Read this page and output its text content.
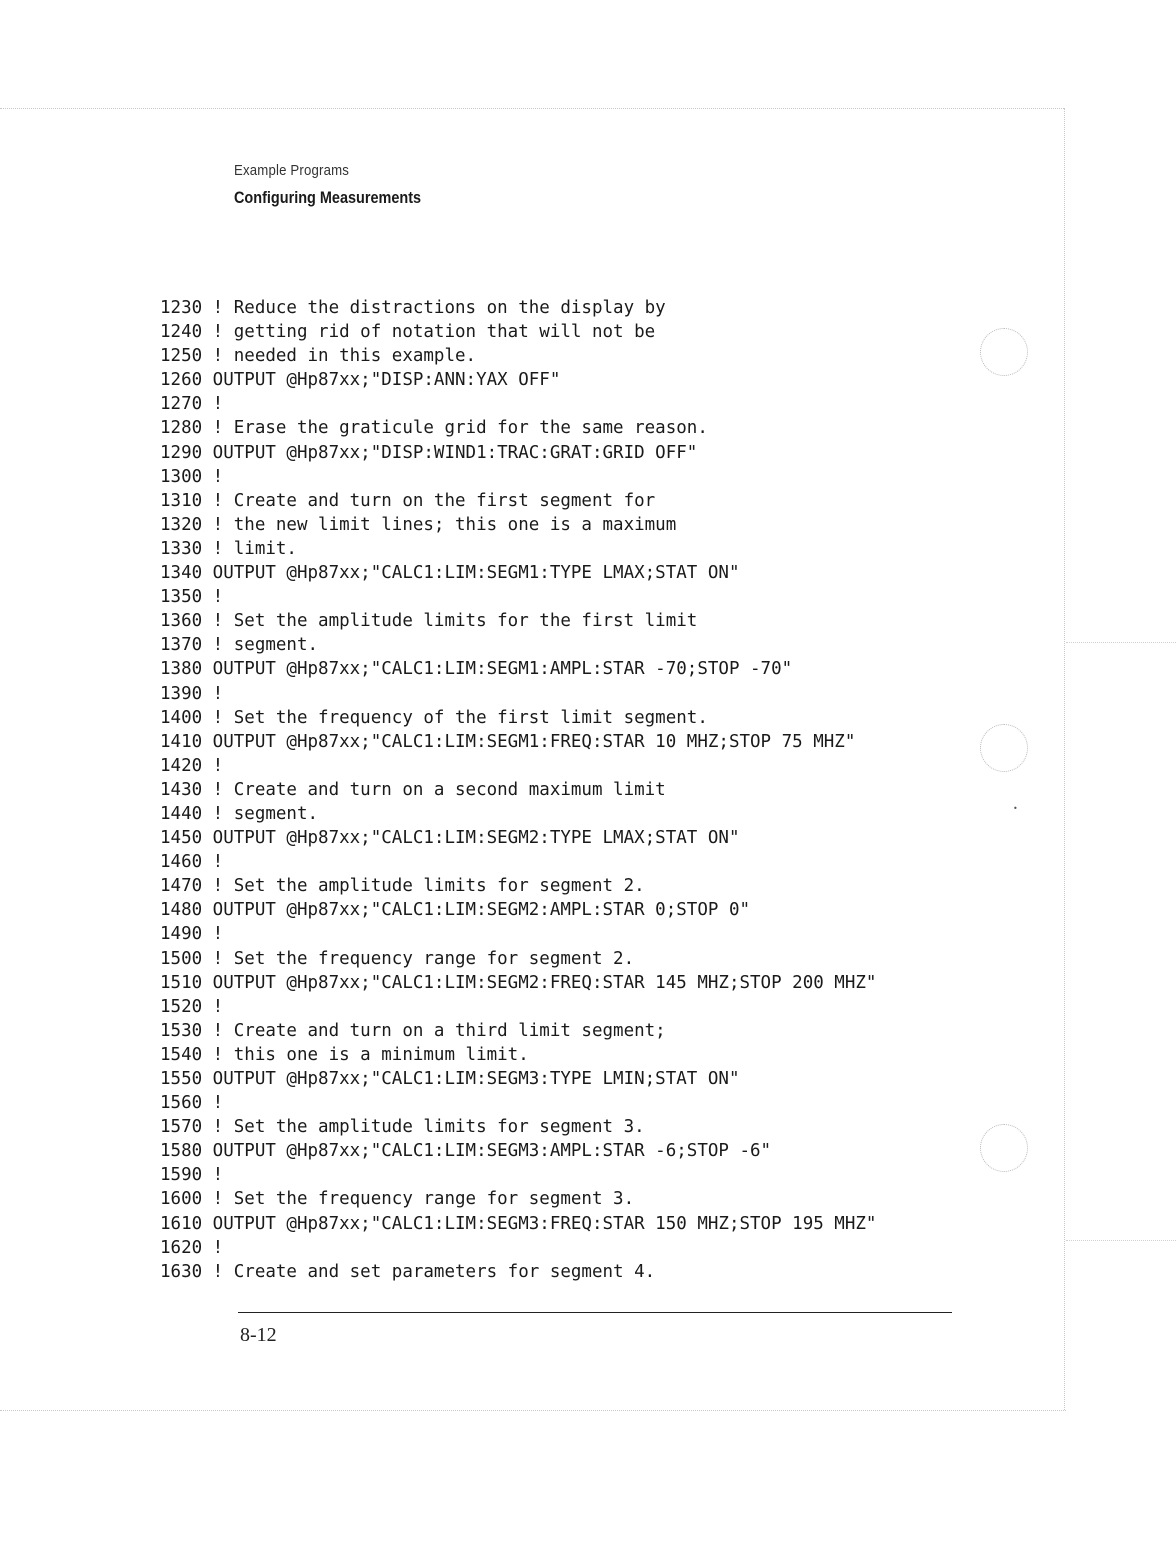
•
Example Programs
Configuring Measurements
1230 ! Reduce the distractions on the display by
1240 ! getting rid of notation that will not be
1250 ! needed in this example.
1260 OUTPUT @Hp87xx;"DISP:ANN:YAX OFF"
1270 !
1280 ! Erase the graticule grid for the same reason.
1290 OUTPUT @Hp87xx;"DISP:WIND1:TRAC:GRAT:GRID OFF"
1300 !
1310 ! Create and turn on the first segment for
1320 ! the new limit lines; this one is a maximum
1330 ! limit.
1340 OUTPUT @Hp87xx;"CALC1:LIM:SEGM1:TYPE LMAX;STAT ON"
1350 !
1360 ! Set the amplitude limits for the first limit
1370 ! segment.
1380 OUTPUT @Hp87xx;"CALC1:LIM:SEGM1:AMPL:STAR -70;STOP -70"
1390 !
1400 ! Set the frequency of the first limit segment.
1410 OUTPUT @Hp87xx;"CALC1:LIM:SEGM1:FREQ:STAR 10 MHZ;STOP 75 MHZ"
1420 !
1430 ! Create and turn on a second maximum limit
1440 ! segment.
1450 OUTPUT @Hp87xx;"CALC1:LIM:SEGM2:TYPE LMAX;STAT ON"
1460 !
1470 ! Set the amplitude limits for segment 2.
1480 OUTPUT @Hp87xx;"CALC1:LIM:SEGM2:AMPL:STAR 0;STOP 0"
1490 !
1500 ! Set the frequency range for segment 2.
1510 OUTPUT @Hp87xx;"CALC1:LIM:SEGM2:FREQ:STAR 145 MHZ;STOP 200 MHZ"
1520 !
1530 ! Create and turn on a third limit segment;
1540 ! this one is a minimum limit.
1550 OUTPUT @Hp87xx;"CALC1:LIM:SEGM3:TYPE LMIN;STAT ON"
1560 !
1570 ! Set the amplitude limits for segment 3.
1580 OUTPUT @Hp87xx;"CALC1:LIM:SEGM3:AMPL:STAR -6;STOP -6"
1590 !
1600 ! Set the frequency range for segment 3.
1610 OUTPUT @Hp87xx;"CALC1:LIM:SEGM3:FREQ:STAR 150 MHZ;STOP 195 MHZ"
1620 !
1630 ! Create and set parameters for segment 4.
8-12
